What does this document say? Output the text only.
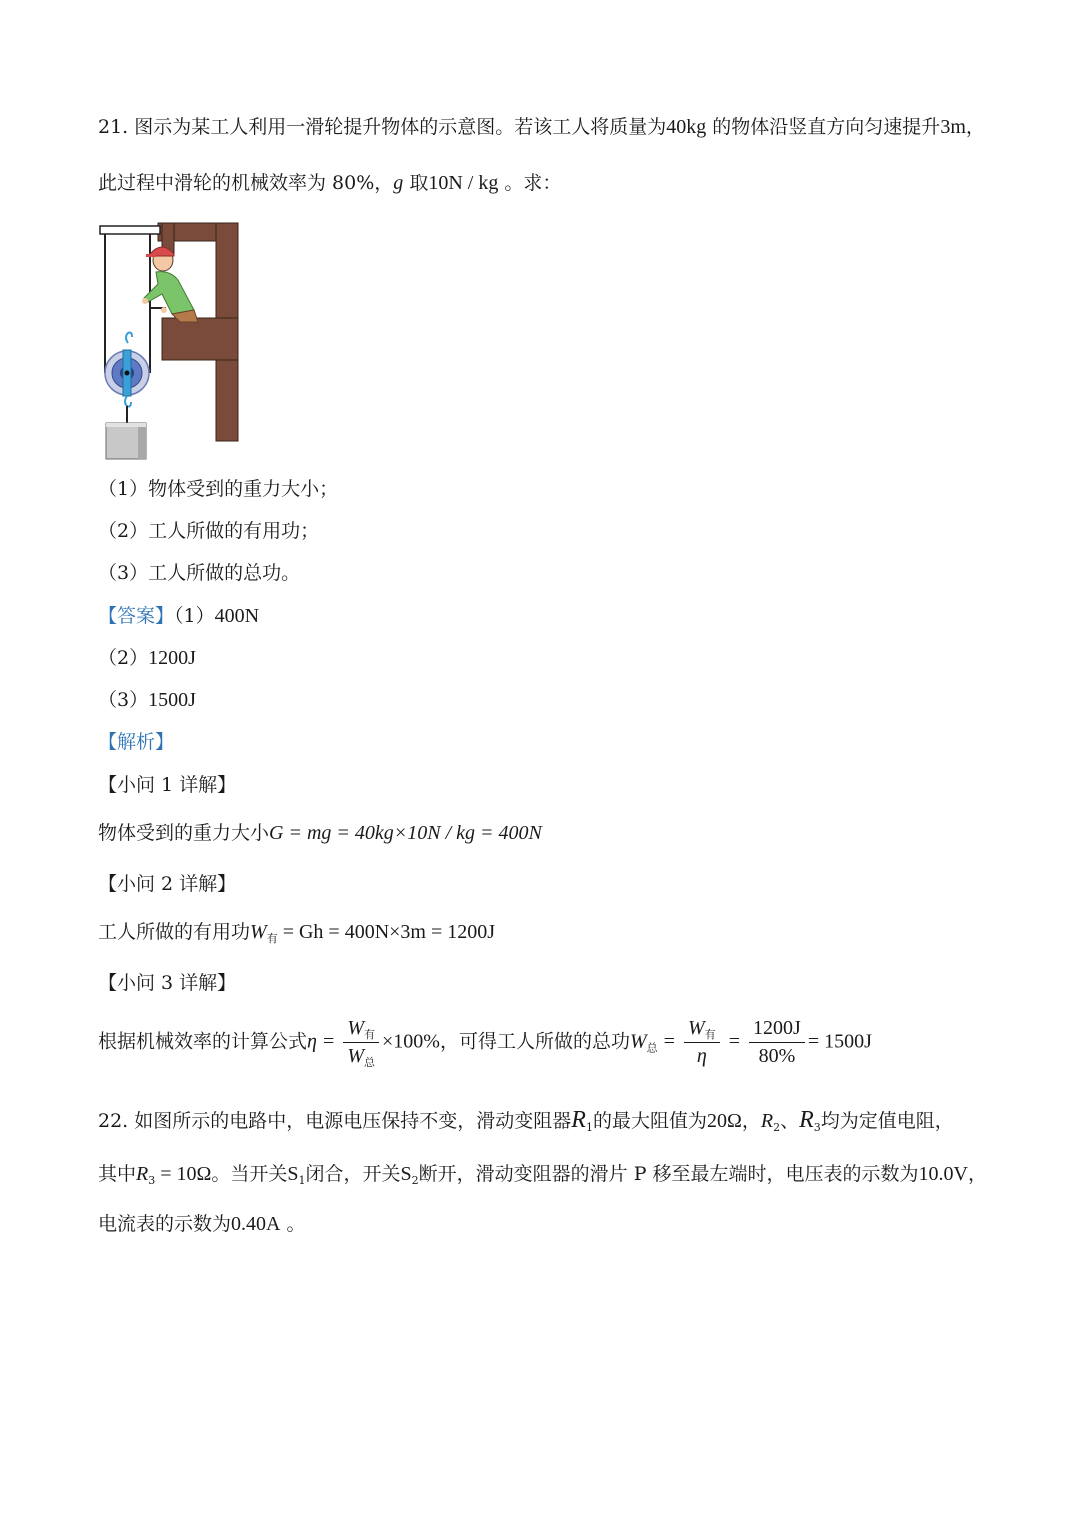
21. 图示为某工人利用一滑轮提升物体的示意图。若该工人将质量为40kg 的物体沿竖直方向匀速提升3m，
此过程中滑轮的机械效率为 80%，g 取10N / kg 。求：
（1）物体受到的重力大小；
（2）工人所做的有用功；
（3）工人所做的总功。
【答案】（1）400N
（2）1200J
（3）1500J
【解析】
【小问 1 详解】
物体受到的重力大小G = mg = 40kg×10N / kg = 400N
【小问 2 详解】
工人所做的有用功$W_有 = Gh = 400N\times 3m = 1200J$
【小问 3 详解】
根据机械效率的计算公式$\eta = \frac{W_有}{W_总} \times 100\%$，可得工人所做的总功$W_总 = \frac{W_有}{\eta} = \frac{1200J}{80\%} = 1500J$
22. 如图所示的电路中，电源电压保持不变，滑动变阻器$R_1$的最大阻值为20Ω，$R_2$、$R_3$均为定值电阻，
其中$R_3 = 10\Omega$。当开关$S_1$闭合，开关$S_2$断开，滑动变阻器的滑片 P 移至最左端时，电压表的示数为10.0V，
电流表的示数为0.40A 。
